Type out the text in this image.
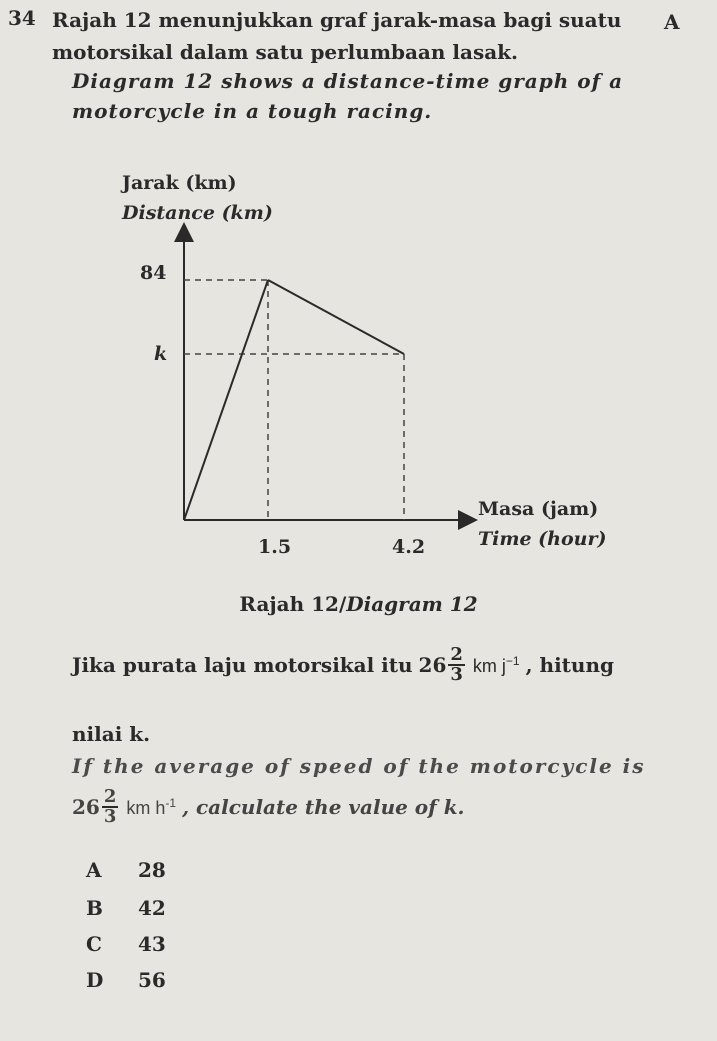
34 Rajah 12 menunjukkan graf jarak-masa bagi suatu motorsikal dalam satu perlumbaan lasak.
Diagram 12 shows a distance-time graph of a motorcycle in a tough racing.
A
Jarak (km)
Distance (km)
84
k
1.5	4.2
Masa (jam)
Time (hour)
Rajah 12/Diagram 12
Jika purata laju motorsikal itu $26 \frac{2}{3}$ km $j^{-1}$ , hitung
nilai k.
If the average of speed of the motorcycle is
$26 \frac{2}{3}$ km $h^{-1}$ , calculate the value of k.
A	28
B 42
C	43
D 56
